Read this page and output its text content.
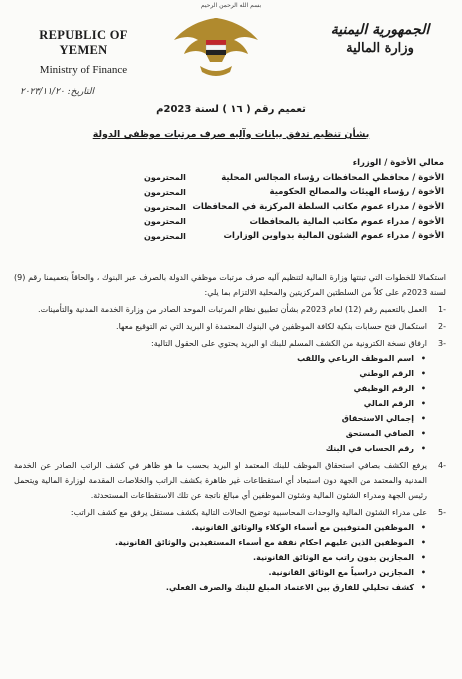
بسم الله الرحمن الرحيم
REPUBLIC OF YEMEN
Ministry of Finance
الجمهورية اليمنية
وزارة المالية
التاريخ: ٢٠٢٣/١١/٢٠
تعميم رقم ( ١٦ ) لسنة 2023م
بشأن تنظيم تدفق بيانات وآليه صرف مرتبات موظفي الدولة
معالي الأخوة / الوزراء
الأخوة / محافظي المحافظات رؤساء المجالس المحلية
المحترمون
الأخوة / رؤساء الهيئات والمصالح الحكومية
المحترمون
الأخوة / مدراء عموم مكاتب السلطة المركزية في المحافظات
المحترمون
الأخوة / مدراء عموم مكاتب المالية بالمحافظات
المحترمون
الأخوة / مدراء عموم الشئون المالية بدواوين الوزارات
المحترمون

استكمالا للخطوات التي تبنتها وزارة المالية لتنظيم آليه صرف مرتبات موظفي الدولة بالصرف عبر البنوك ، والحاقاً بتعميمنا رقم (9) لسنة 2023م على كلاً من السلطتين المركزيتين والمحلية الالتزام بما يلي:

-1
العمل بالتعميم رقم (12) لعام 2023م بشأن تطبيق نظام المرتبات الموحد الصادر من وزارة الخدمة المدنية والتأمينات.
-2
استكمال فتح حسابات بنكية لكافة الموظفين في البنوك المعتمدة او البريد التي تم التوقيع معها.
-3
ارفاق نسخة الكترونية من الكشف المسلم للبنك او البريد يحتوي على الحقول التالية:
• اسم الموظف الرباعي واللقب
• الرقم الوطني
• الرقم الوظيفي
• الرقم المالي
• إجمالي الاستحقاق
• الصافي المستحق
• رقم الحساب في البنك
-4
يرفع الكشف بصافي استحقاق الموظف للبنك المعتمد او البريد بحسب ما هو ظاهر في كشف الراتب الصادر عن الخدمة المدنية والمعتمد من الجهة دون استبعاد أي استقطاعات غير ظاهرة بكشف الراتب والخلاصات المقدمة لوزارة المالية ويتحمل رئيس الجهة ومدراء الشئون المالية وشئون الموظفين أي مبالغ ناتجة عن تلك الاستقطاعات المستحدثة.
-5
على مدراء الشئون المالية والوحدات المحاسبية توضيح الحالات التالية بكشف مستقل يرفق مع كشف الراتب:
• الموظفين المتوفيين مع أسماء الوكلاء والوثائق القانونية.
• الموظفين الذين عليهم احكام نفقة مع أسماء المستفيدين والوثائق القانونية.
• المجازين بدون راتب مع الوثائق القانونية.
• المجازين دراسياً مع الوثائق القانونية.
• كشف تحليلي للفارق بين الاعتماد المبلغ للبنك والصرف الفعلي.
